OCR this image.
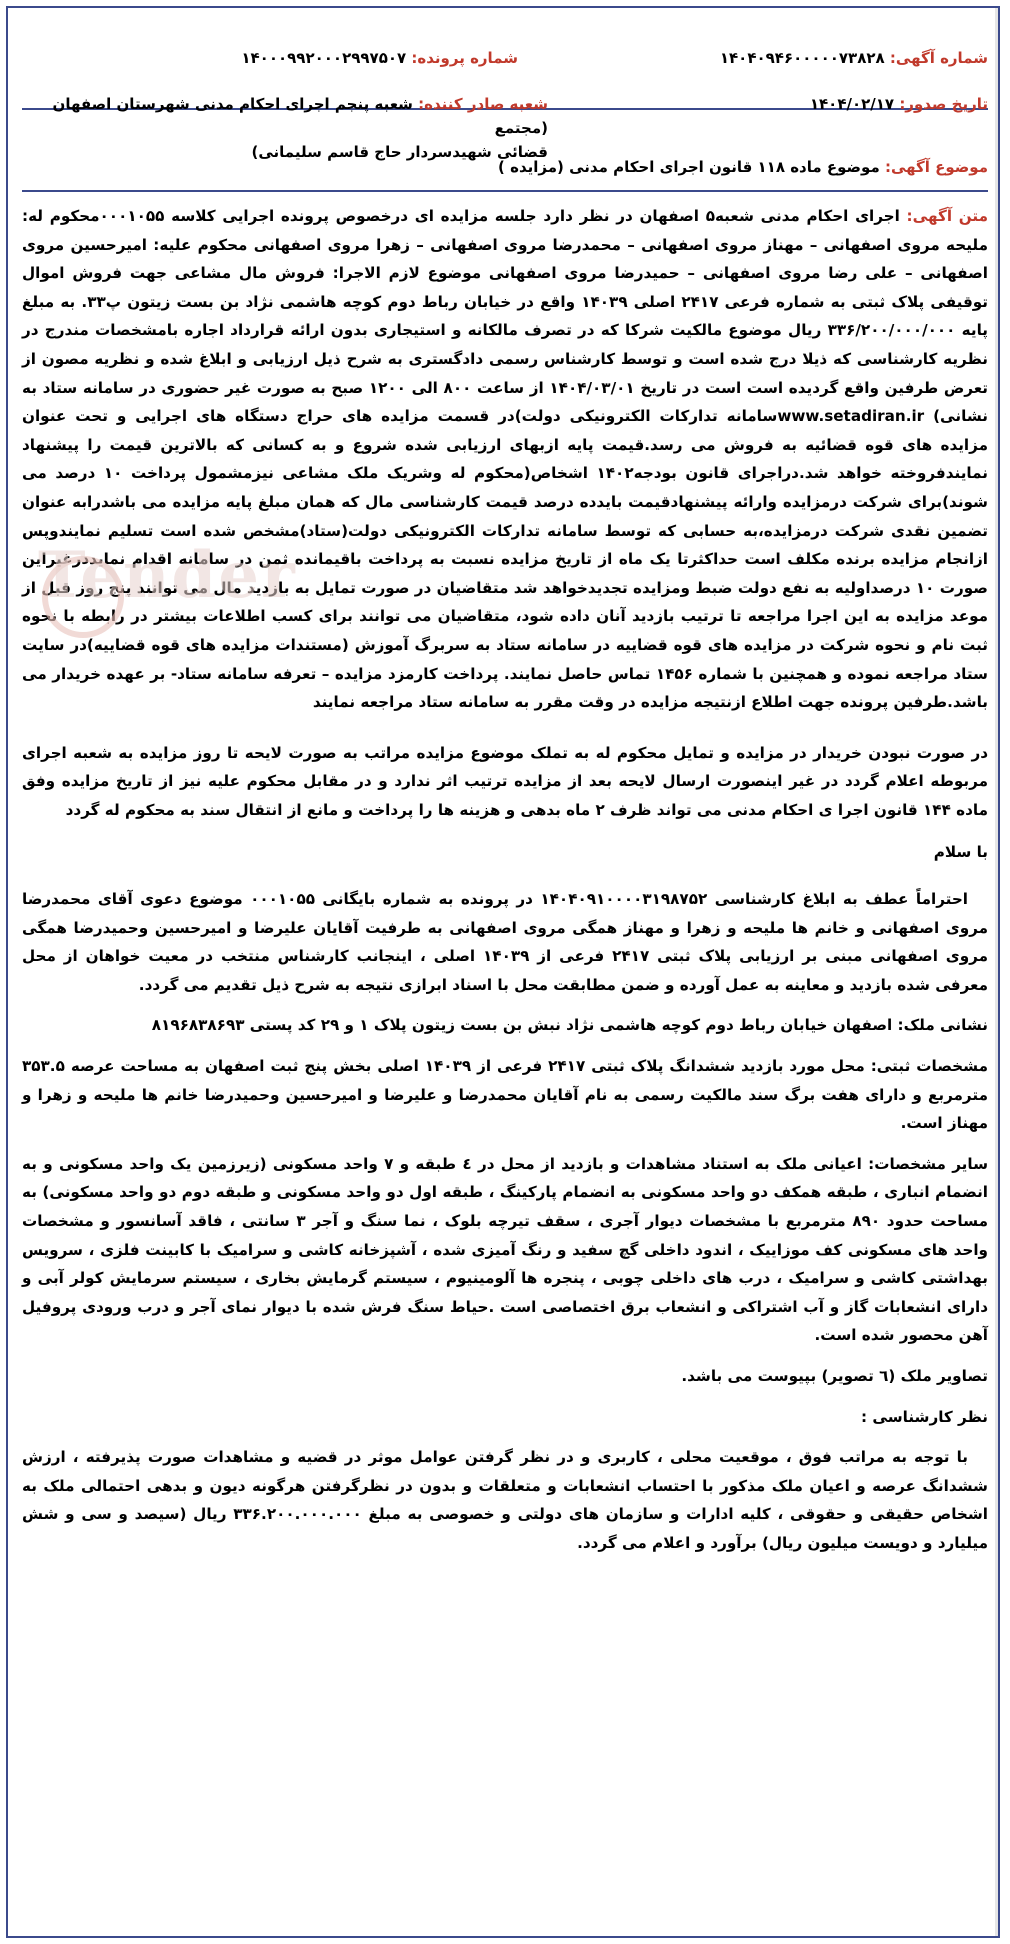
Tender
شماره آگهی: ۱۴۰۴۰۹۴۶۰۰۰۰۰۷۳۸۲۸
شماره پرونده: ۱۴۰۰۰۹۹۲۰۰۰۲۹۹۷۵۰۷
تاریخ صدور: ۱۴۰۴/۰۲/۱۷
شعبه صادر کننده: شعبه پنجم اجرای احکام مدنی شهرستان اصفهان (مجتمع
قضائی شهیدسردار حاج قاسم سلیمانی)
موضوع آگهی: موضوع ماده ۱۱۸ قانون اجرای احکام مدنی (مزایده )
متن آگهی: اجرای احکام مدنی شعبه۵ اصفهان در نظر دارد جلسه مزایده ای درخصوص پرونده اجرایی کلاسه ۰۰۰۱۰۵۵محکوم له: ملیحه مروی اصفهانی – مهناز مروی اصفهانی – محمدرضا مروی اصفهانی – زهرا مروی اصفهانی محکوم علیه: امیرحسین مروی اصفهانی – علی رضا مروی اصفهانی – حمیدرضا مروی اصفهانی موضوع لازم الاجرا: فروش مال مشاعی جهت فروش اموال توقیفی پلاک ثبتی به شماره فرعی ۲۴۱۷ اصلی ۱۴۰۳۹ واقع در خیابان رباط دوم کوچه هاشمی نژاد بن بست زیتون پ۳۳. به مبلغ پایه ۳۳۶/۲۰۰/۰۰۰/۰۰۰ ریال موضوع مالکیت شرکا که در تصرف مالکانه و استیجاری بدون ارائه قرارداد اجاره بامشخصات مندرج در نظریه کارشناسی که ذیلا درج شده است و توسط کارشناس رسمی دادگستری به شرح ذیل ارزیابی و ابلاغ شده و نظریه مصون از تعرض طرفین واقع گردیده است است در تاریخ ۱۴۰۴/۰۳/۰۱ از ساعت ۸۰۰ الی ۱۲۰۰ صبح به صورت غیر حضوری در سامانه ستاد به نشانی) www.setadiran.irسامانه تدارکات الکترونیکی دولت)در قسمت مزایده های حراج دستگاه های اجرایی و تحت عنوان مزایده های قوه قضائیه به فروش می رسد.قیمت پایه ازبهای ارزیابی شده شروع و به کسانی که بالاترین قیمت را پیشنهاد نمایندفروخته خواهد شد.دراجرای قانون بودجه۱۴۰۲ اشخاص(محکوم له وشریک ملک مشاعی نیزمشمول پرداخت ۱۰ درصد می شوند)برای شرکت درمزایده وارائه پیشنهادقیمت بایدده درصد قیمت کارشناسی مال که همان مبلغ پایه مزایده می باشدرابه عنوان تضمین نقدی شرکت درمزایده،به حسابی که توسط سامانه تدارکات الکترونیکی دولت(ستاد)مشخص شده است تسلیم نمایندوپس ازانجام مزایده برنده مکلف است حداکثرتا یک ماه از تاریخ مزایده نسبت به پرداخت باقیمانده ثمن در سامانه اقدام نمایددرغیراین صورت ۱۰ درصداولیه به نفع دولت ضبط ومزایده تجدیدخواهد شد متقاضیان در صورت تمایل به بازدید مال می توانند پنج روز قبل از موعد مزایده به این اجرا مراجعه تا ترتیب بازدید آنان داده شود، متقاضیان می توانند برای کسب اطلاعات بیشتر در رابطه با نحوه ثبت نام و نحوه شرکت در مزایده های قوه قضاییه در سامانه ستاد به سربرگ آموزش (مستندات مزایده های قوه قضاییه)در سایت ستاد مراجعه نموده و همچنین با شماره ۱۴۵۶ تماس حاصل نمایند. پرداخت کارمزد مزایده – تعرفه سامانه ستاد- بر عهده خریدار می باشد.طرفین پرونده جهت اطلاع ازنتیجه مزایده در وقت مقرر به سامانه ستاد مراجعه نمایند

در صورت نبودن خریدار در مزایده و تمایل محکوم له به تملک موضوع مزایده مراتب به صورت لایحه تا روز مزایده به شعبه اجرای مربوطه اعلام گردد در غیر اینصورت ارسال لایحه بعد از مزایده ترتیب اثر ندارد و در مقابل محکوم علیه نیز از تاریخ مزایده وفق ماده ۱۴۴ قانون اجرا ی احکام مدنی می تواند ظرف ۲ ماه بدهی و هزینه ها را پرداخت و مانع از انتقال سند به محکوم له گردد

با سلام

احتراماً عطف به ابلاغ کارشناسی ۱۴۰۴۰۹۱۰۰۰۰۳۱۹۸۷۵۲ در پرونده به شماره بایگانی ۰۰۰۱۰۵۵ موضوع دعوی آقای محمدرضا مروی اصفهانی و خانم ها ملیحه و زهرا و مهناز همگی مروی اصفهانی به طرفیت آقایان علیرضا و امیرحسین وحمیدرضا همگی مروی اصفهانی مبنی بر ارزیابی پلاک ثبتی ۲۴۱۷ فرعی از ۱۴۰۳۹ اصلی ، اینجانب کارشناس منتخب در معیت خواهان از محل معرفی شده بازدید و معاینه به عمل آورده و ضمن مطابقت محل با اسناد ابرازی نتیجه به شرح ذیل تقدیم می گردد.

نشانی ملک: اصفهان خیابان رباط دوم کوچه هاشمی نژاد نبش بن بست زیتون پلاک ۱ و ۲۹ کد پستی ۸۱۹۶۸۳۸۶۹۳

مشخصات ثبتی: محل مورد بازدید ششدانگ پلاک ثبتی ۲۴۱۷ فرعی از ۱۴۰۳۹ اصلی بخش پنج ثبت اصفهان به مساحت عرصه ۳۵۳.۵ مترمربع و دارای هفت برگ سند مالکیت رسمی به نام آقایان محمدرضا و علیرضا و امیرحسین وحمیدرضا خانم ها ملیحه و زهرا و مهناز است.

سایر مشخصات: اعیانی ملک به استناد مشاهدات و بازدید از محل در ٤ طبقه و ۷ واحد مسکونی (زیرزمین یک واحد مسکونی و به انضمام انباری ، طبقه همکف دو واحد مسکونی به انضمام پارکینگ ، طبقه اول دو واحد مسکونی و طبقه دوم دو واحد مسکونی) به مساحت حدود ۸۹۰ مترمربع با مشخصات دیوار آجری ، سقف تیرچه بلوک ، نما سنگ و آجر ۳ سانتی ، فاقد آسانسور و مشخصات واحد های مسکونی کف موزاییک ، اندود داخلی گچ سفید و رنگ آمیزی شده ، آشپزخانه کاشی و سرامیک با کابینت فلزی ، سرویس بهداشتی کاشی و سرامیک ، درب های داخلی چوبی ، پنجره ها آلومینیوم ، سیستم گرمایش بخاری ، سیستم سرمایش کولر آبی و دارای انشعابات گاز و آب اشتراکی و انشعاب برق اختصاصی است .حیاط سنگ فرش شده با دیوار نمای آجر و درب ورودی پروفیل آهن محصور شده است.

تصاویر ملک (٦ تصویر) بپیوست می باشد.

نظر کارشناسی :

با توجه به مراتب فوق ، موقعیت محلی ، کاربری و در نظر گرفتن عوامل موثر در قضیه و مشاهدات صورت پذیرفته ، ارزش ششدانگ عرصه و اعیان ملک مذکور با احتساب انشعابات و متعلقات و بدون در نظرگرفتن هرگونه دیون و بدهی احتمالی ملک به اشخاص حقیقی و حقوقی ، کلیه ادارات و سازمان های دولتی و خصوصی به مبلغ ۳۳۶.۲۰۰.۰۰۰.۰۰۰ ریال (سیصد و سی و شش میلیارد و دویست میلیون ریال) برآورد و اعلام می گردد.
